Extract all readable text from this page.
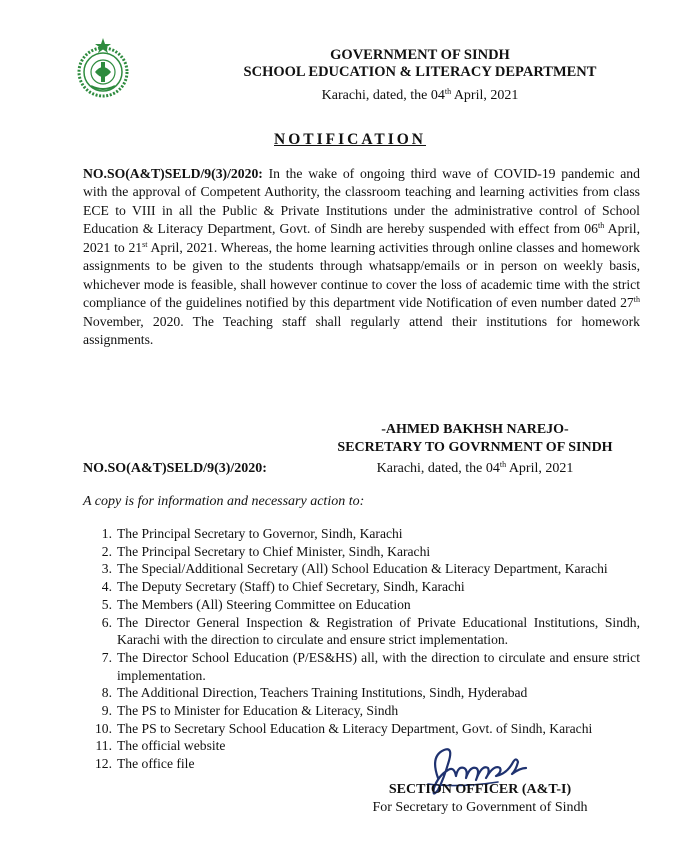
GOVERNMENT OF SINDH
SCHOOL EDUCATION & LITERACY DEPARTMENT
Karachi, dated, the 04th April, 2021
NOTIFICATION
NO.SO(A&T)SELD/9(3)/2020: In the wake of ongoing third wave of COVID-19 pandemic and with the approval of Competent Authority, the classroom teaching and learning activities from class ECE to VIII in all the Public & Private Institutions under the administrative control of School Education & Literacy Department, Govt. of Sindh are hereby suspended with effect from 06th April, 2021 to 21st April, 2021. Whereas, the home learning activities through online classes and homework assignments to be given to the students through whatsapp/emails or in person on weekly basis, whichever mode is feasible, shall however continue to cover the loss of academic time with the strict compliance of the guidelines notified by this department vide Notification of even number dated 27th November, 2020. The Teaching staff shall regularly attend their institutions for homework assignments.
-AHMED BAKHSH NAREJO-
SECRETARY TO GOVRNMENT OF SINDH
NO.SO(A&T)SELD/9(3)/2020:	Karachi, dated, the 04th April, 2021
A copy is for information and necessary action to:
1. The Principal Secretary to Governor, Sindh, Karachi
2. The Principal Secretary to Chief Minister, Sindh, Karachi
3. The Special/Additional Secretary (All) School Education & Literacy Department, Karachi
4. The Deputy Secretary (Staff) to Chief Secretary, Sindh, Karachi
5. The Members (All) Steering Committee on Education
6. The Director General Inspection & Registration of Private Educational Institutions, Sindh, Karachi with the direction to circulate and ensure strict implementation.
7. The Director School Education (P/ES&HS) all, with the direction to circulate and ensure strict implementation.
8. The Additional Direction, Teachers Training Institutions, Sindh, Hyderabad
9. The PS to Minister for Education & Literacy, Sindh
10. The PS to Secretary School Education & Literacy Department, Govt. of Sindh, Karachi
11. The official website
12. The office file
SECTION OFFICER (A&T-I)
For Secretary to Government of Sindh
